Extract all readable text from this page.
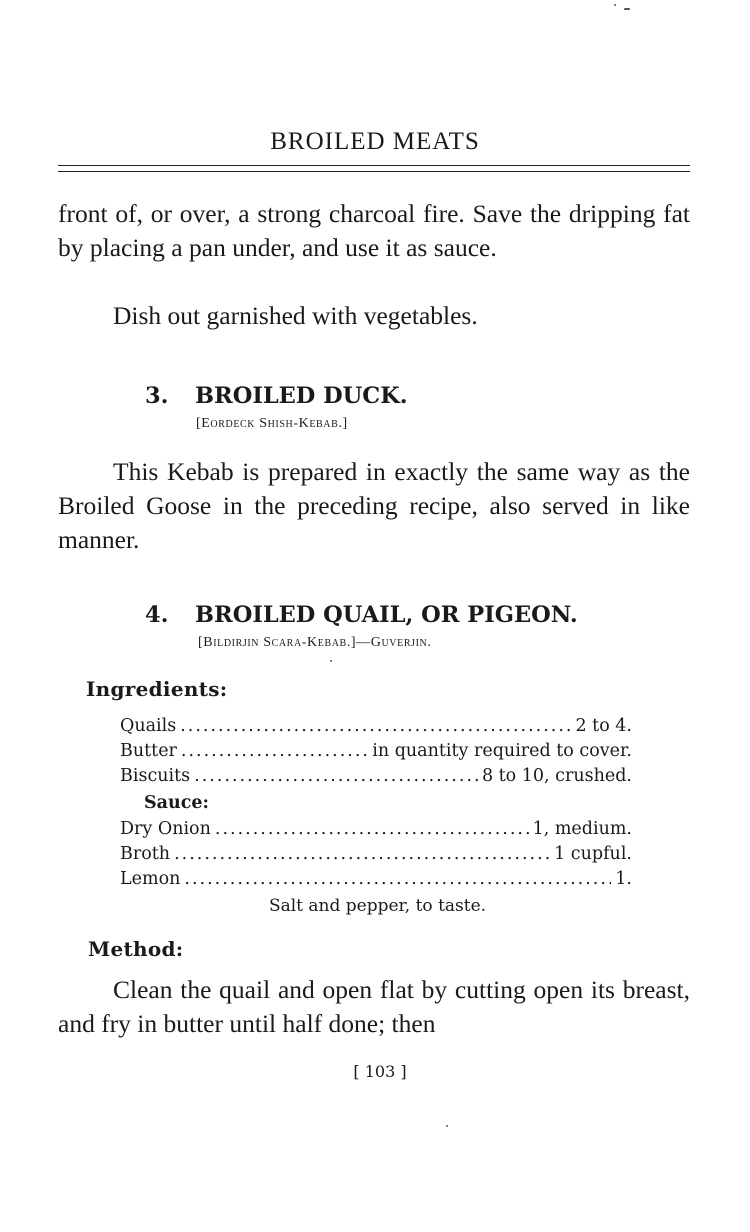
BROILED MEATS
front of, or over, a strong charcoal fire. Save the dripping fat by placing a pan under, and use it as sauce.
Dish out garnished with vegetables.
3. BROILED DUCK.
[Eordeck Shish-Kebab.]
This Kebab is prepared in exactly the same way as the Broiled Goose in the preceding recipe, also served in like manner.
4. BROILED QUAIL, OR PIGEON.
[Bildirjin Scara-Kebab.]—Guverjin.
Ingredients:
Quails .....	2 to 4.
Butter .....	in quantity required to cover.
Biscuits .....	8 to 10, crushed.
Sauce:
Dry Onion .....	1, medium.
Broth .....	1 cupful.
Lemon .....	1.
Salt and pepper, to taste.
Method:
Clean the quail and open flat by cutting open its breast, and fry in butter until half done; then
[ 103 ]
